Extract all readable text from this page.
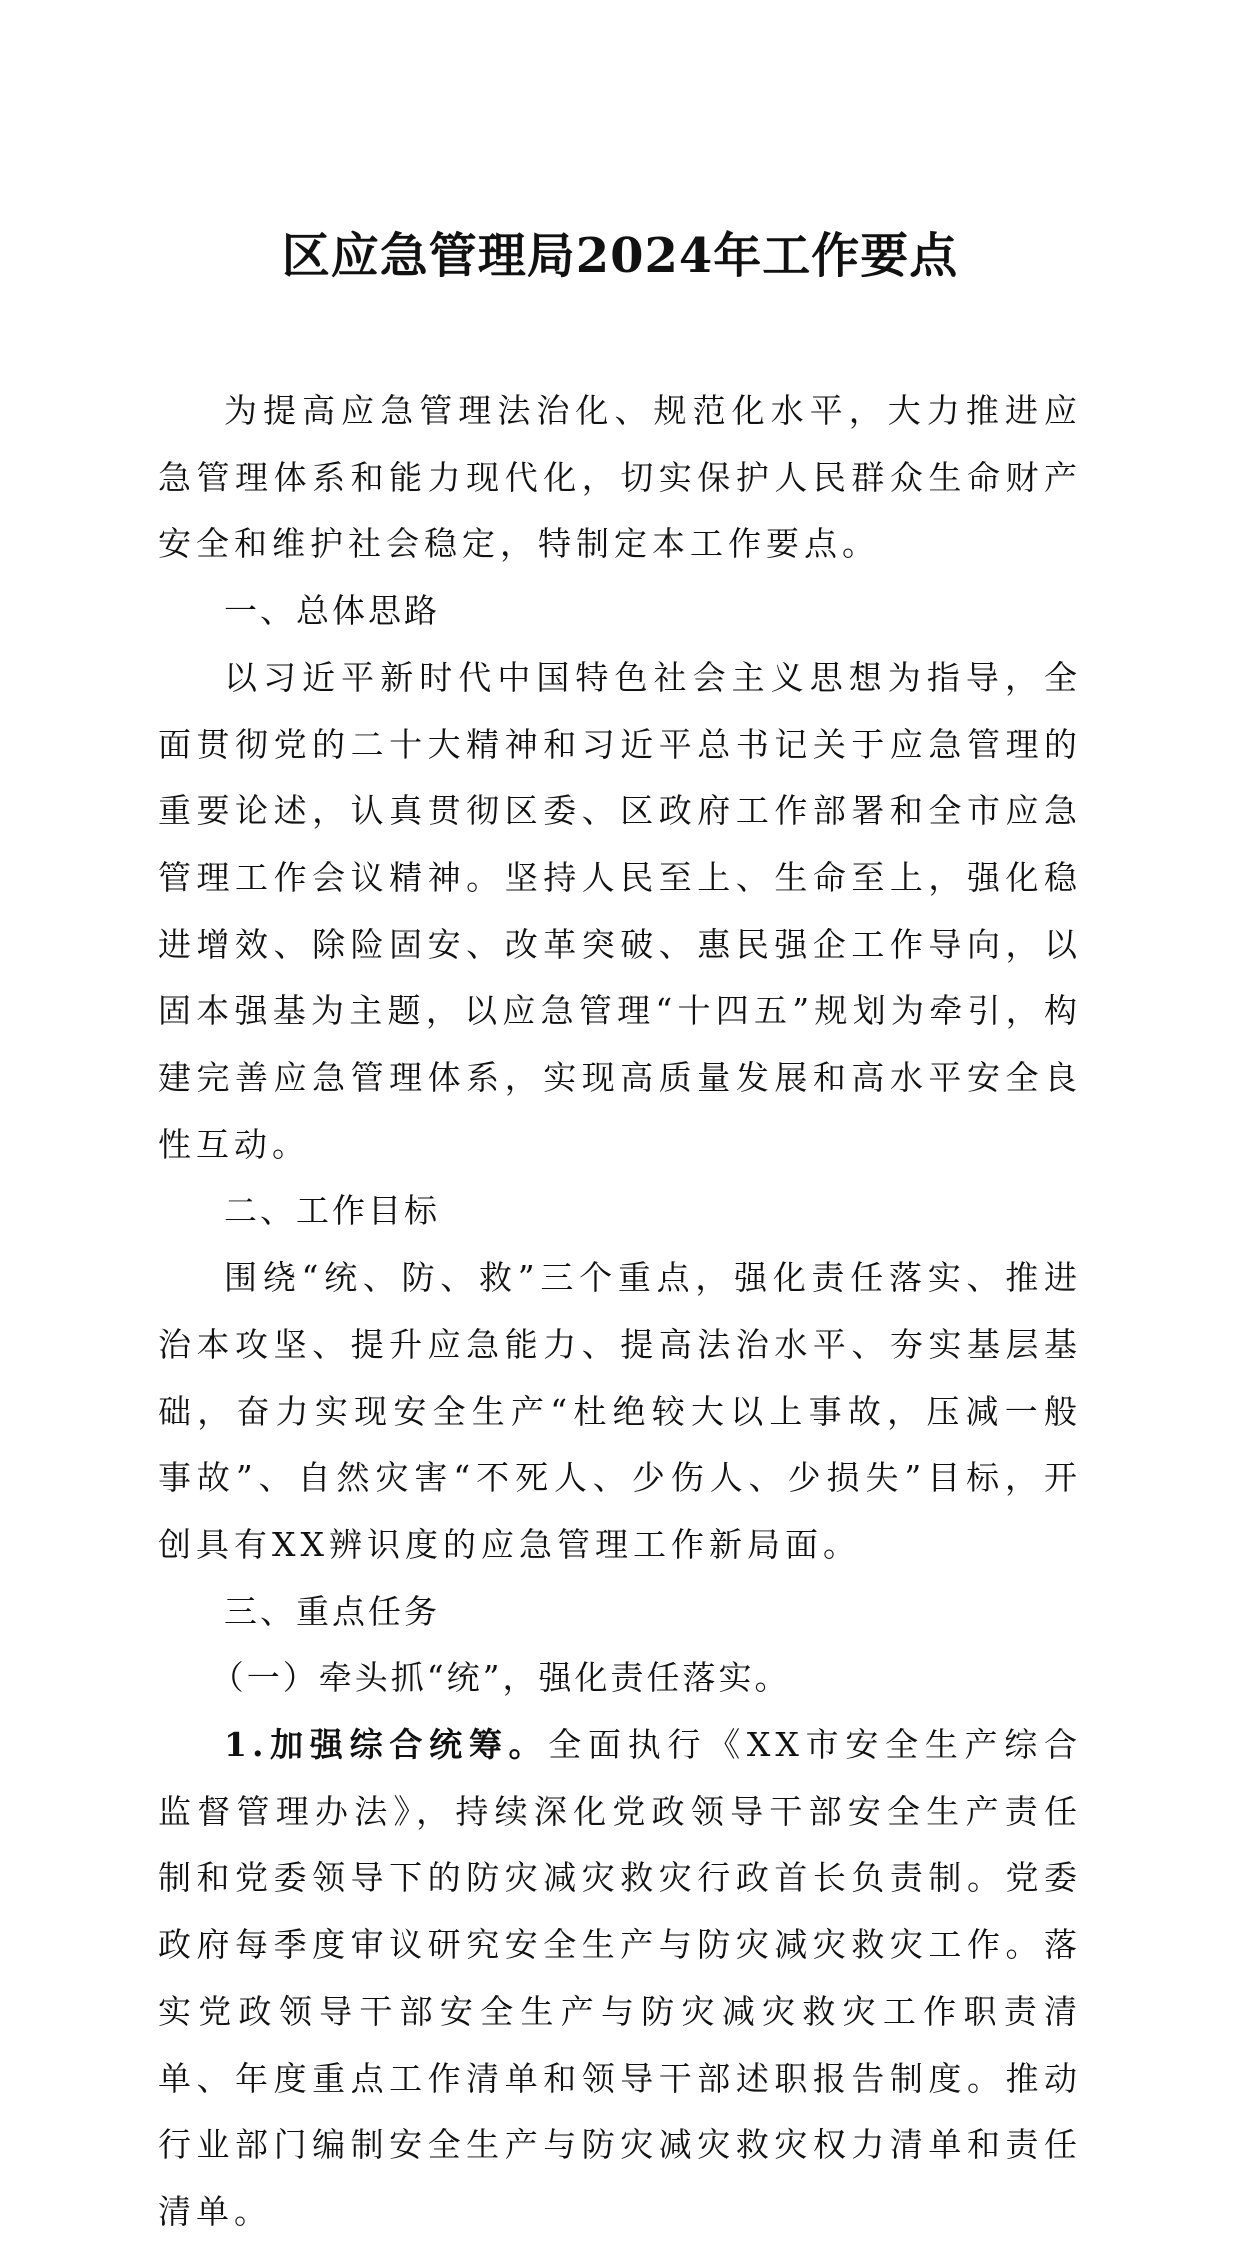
区应急管理局2024年工作要点

为提高应急管理法治化、规范化水平，大力推进应急管理体系和能力现代化，切实保护人民群众生命财产安全和维护社会稳定，特制定本工作要点。

一、总体思路

以习近平新时代中国特色社会主义思想为指导，全面贯彻党的二十大精神和习近平总书记关于应急管理的重要论述，认真贯彻区委、区政府工作部署和全市应急管理工作会议精神。坚持人民至上、生命至上，强化稳进增效、除险固安、改革突破、惠民强企工作导向，以固本强基为主题，以应急管理“十四五”规划为牵引，构建完善应急管理体系，实现高质量发展和高水平安全良性互动。

二、工作目标

围绕“统、防、救”三个重点，强化责任落实、推进治本攻坚、提升应急能力、提高法治水平、夯实基层基础，奋力实现安全生产“杜绝较大以上事故，压减一般事故”、自然灾害“不死人、少伤人、少损失”目标，开创具有XX辨识度的应急管理工作新局面。

三、重点任务

（一）牵头抓“统”，强化责任落实。

1.加强综合统筹。全面执行《XX市安全生产综合监督管理办法》，持续深化党政领导干部安全生产责任制和党委领导下的防灾减灾救灾行政首长负责制。党委政府每季度审议研究安全生产与防灾减灾救灾工作。落实党政领导干部安全生产与防灾减灾救灾工作职责清单、年度重点工作清单和领导干部述职报告制度。推动行业部门编制安全生产与防灾减灾救灾权力清单和责任清单。
